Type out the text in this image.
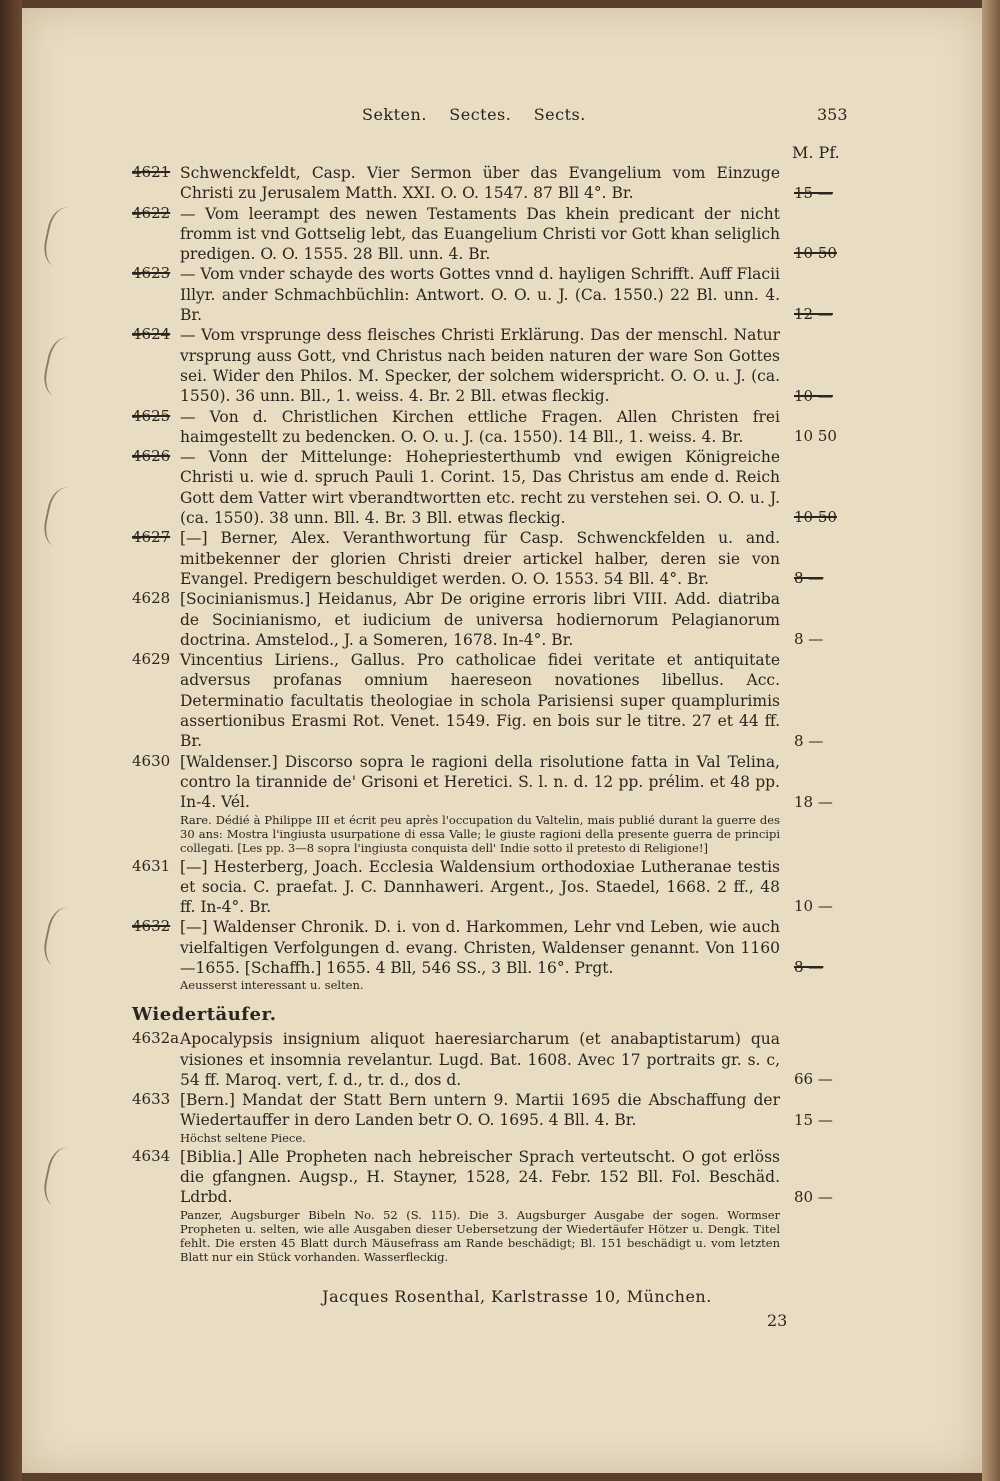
Sekten.    Sectes.    Sects.	353
M. Pf.
4621 Schwenckfeldt, Casp. Vier Sermon über das Evangelium vom Einzuge Christi zu Jerusalem Matth. XXI. O. O. 1547. 87 Bll 4°. Br.	15 —
4622 — Vom leerampt des newen Testaments Das khein predicant der nicht fromm ist vnd Gottselig lebt, das Euangelium Christi vor Gott khan seliglich predigen. O. O. 1555. 28 Bll. unn. 4. Br.	10 50
4623 — Vom vnder schayde des worts Gottes vnnd d. hayligen Schrifft. Auff Flacii Illyr. ander Schmachbüchlin: Antwort. O. O. u. J. (Ca. 1550.) 22 Bl. unn. 4. Br.	12 —
4624 — Vom vrsprunge dess fleisches Christi Erklärung. Das der menschl. Natur vrsprung auss Gott, vnd Christus nach beiden naturen der ware Son Gottes sei. Wider den Philos. M. Specker, der solchem widerspricht. O. O. u. J. (ca. 1550). 36 unn. Bll., 1. weiss. 4. Br. 2 Bll. etwas fleckig.	10 —
4625 — Von d. Christlichen Kirchen ettliche Fragen. Allen Christen frei haimgestellt zu bedencken. O. O. u. J. (ca. 1550). 14 Bll., 1. weiss. 4. Br.	10 50
4626 — Vonn der Mittelunge: Hohepriesterthumb vnd ewigen Königreiche Christi u. wie d. spruch Pauli 1. Corint. 15, Das Christus am ende d. Reich Gott dem Vatter wirt vberandtwortten etc. recht zu verstehen sei. O. O. u. J. (ca. 1550). 38 unn. Bll. 4. Br. 3 Bll. etwas fleckig.	10 50
4627 [—] Berner, Alex. Veranthwortung für Casp. Schwenckfelden u. and. mitbekenner der glorien Christi dreier artickel halber, deren sie von Evangel. Predigern beschuldiget werden. O. O. 1553. 54 Bll. 4°. Br.	8 —
4628 [Socinianismus.] Heidanus, Abr De origine erroris libri VIII. Add. diatriba de Socinianismo, et iudicium de universa hodiernorum Pelagianorum doctrina. Amstelod., J. a Someren, 1678. In-4°. Br.	8 —
4629 Vincentius Liriens., Gallus. Pro catholicae fidei veritate et antiquitate adversus profanas omnium haereseon novationes libellus. Acc. Determinatio facultatis theologiae in schola Parisiensi super quamplurimis assertionibus Erasmi Rot. Venet. 1549. Fig. en bois sur le titre. 27 et 44 ff. Br.	8 —
4630 [Waldenser.] Discorso sopra le ragioni della risolutione fatta in Val Telina, contro la tirannide de' Grisoni et Heretici. S. l. n. d. 12 pp. prélim. et 48 pp. In-4. Vél.	18 —
Rare. Dédié à Philippe III et écrit peu après l'occupation du Valtelin, mais publié durant la guerre des 30 ans: Mostra l'ingiusta usurpatione di essa Valle; le giuste ragioni della presente guerra de principi collegati. [Les pp. 3—8 sopra l'ingiusta conquista dell' Indie sotto il pretesto di Religione!]
4631 [—] Hesterberg, Joach. Ecclesia Waldensium orthodoxiae Lutheranae testis et socia. C. praefat. J. C. Dannhaweri. Argent., Jos. Staedel, 1668. 2 ff., 48 ff. In-4°. Br.	10 —
4632 [—] Waldenser Chronik. D. i. von d. Harkommen, Lehr vnd Leben, wie auch vielfaltigen Verfolgungen d. evang. Christen, Waldenser genannt. Von 1160—1655. [Schaffh.] 1655. 4 Bll, 546 SS., 3 Bll. 16°. Prgt.	8 —
Aeusserst interessant u. selten.
Wiedertäufer.
4632a Apocalypsis insignium aliquot haeresiarcharum (et anabaptistarum) qua visiones et insomnia revelantur. Lugd. Bat. 1608. Avec 17 portraits gr. s. c, 54 ff. Maroq. vert, f. d., tr. d., dos d.	66 —
4633 [Bern.] Mandat der Statt Bern untern 9. Martii 1695 die Abschaffung der Wiedertauffer in dero Landen betr O. O. 1695. 4 Bll. 4. Br.	15 —
Höchst seltene Piece.
4634 [Biblia.] Alle Propheten nach hebreischer Sprach verteutscht. O got erlöss die gfangnen. Augsp., H. Stayner, 1528, 24. Febr. 152 Bll. Fol. Beschäd. Ldrbd.	80 —
Panzer, Augsburger Bibeln No. 52 (S. 115). Die 3. Augsburger Ausgabe der sogen. Wormser Propheten u. selten, wie alle Ausgaben dieser Uebersetzung der Wiedertäufer Hötzer u. Dengk. Titel fehlt. Die ersten 45 Blatt durch Mäusefrass am Rande beschädigt; Bl. 151 beschädigt u. vom letzten Blatt nur ein Stück vorhanden. Wasserfleckig.
Jacques Rosenthal, Karlstrasse 10, München.
23
